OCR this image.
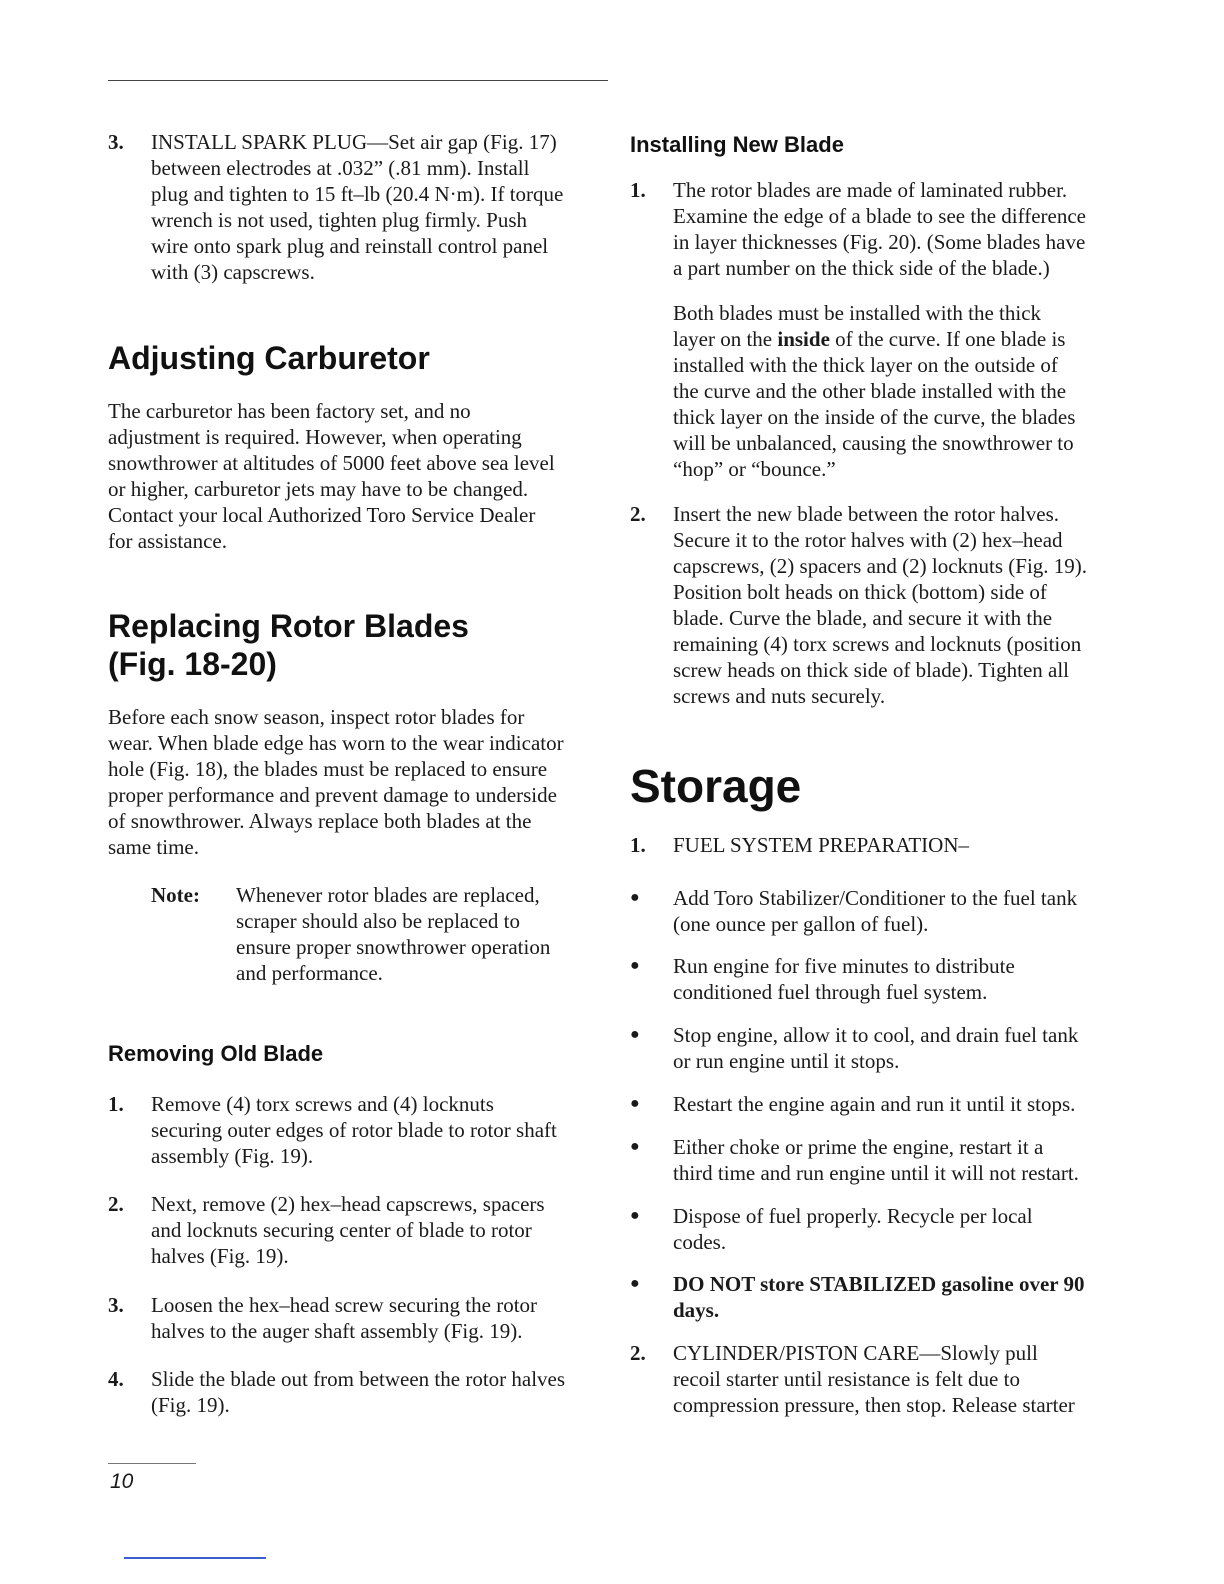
3. INSTALL SPARK PLUG—Set air gap (Fig. 17)
between electrodes at .032” (.81 mm). Install
plug and tighten to 15 ft–lb (20.4 N·m). If torque
wrench is not used, tighten plug firmly. Push
wire onto spark plug and reinstall control panel
with (3) capscrews.
Adjusting Carburetor
The carburetor has been factory set, and no
adjustment is required. However, when operating
snowthrower at altitudes of 5000 feet above sea level
or higher, carburetor jets may have to be changed.
Contact your local Authorized Toro Service Dealer
for assistance.
Replacing Rotor Blades
(Fig. 18-20)
Before each snow season, inspect rotor blades for
wear. When blade edge has worn to the wear indicator
hole (Fig. 18), the blades must be replaced to ensure
proper performance and prevent damage to underside
of snowthrower. Always replace both blades at the
same time.
Note: Whenever rotor blades are replaced,
scraper should also be replaced to
ensure proper snowthrower operation
and performance.
Removing Old Blade
1. Remove (4) torx screws and (4) locknuts
securing outer edges of rotor blade to rotor shaft
assembly (Fig. 19).
2. Next, remove (2) hex–head capscrews, spacers
and locknuts securing center of blade to rotor
halves (Fig. 19).
3. Loosen the hex–head screw securing the rotor
halves to the auger shaft assembly (Fig. 19).
4. Slide the blade out from between the rotor halves
(Fig. 19).
Installing New Blade
1. The rotor blades are made of laminated rubber.
Examine the edge of a blade to see the difference
in layer thicknesses (Fig. 20). (Some blades have
a part number on the thick side of the blade.)
Both blades must be installed with the thick
layer on the inside of the curve. If one blade is
installed with the thick layer on the outside of
the curve and the other blade installed with the
thick layer on the inside of the curve, the blades
will be unbalanced, causing the snowthrower to
“hop” or “bounce.”
2. Insert the new blade between the rotor halves.
Secure it to the rotor halves with (2) hex–head
capscrews, (2) spacers and (2) locknuts (Fig. 19).
Position bolt heads on thick (bottom) side of
blade. Curve the blade, and secure it with the
remaining (4) torx screws and locknuts (position
screw heads on thick side of blade). Tighten all
screws and nuts securely.
Storage
1. FUEL SYSTEM PREPARATION–
● Add Toro Stabilizer/Conditioner to the fuel tank
(one ounce per gallon of fuel).
● Run engine for five minutes to distribute
conditioned fuel through fuel system.
● Stop engine, allow it to cool, and drain fuel tank
or run engine until it stops.
● Restart the engine again and run it until it stops.
● Either choke or prime the engine, restart it a
third time and run engine until it will not restart.
● Dispose of fuel properly. Recycle per local
codes.
● DO NOT store STABILIZED gasoline over 90
days.
2. CYLINDER/PISTON CARE—Slowly pull
recoil starter until resistance is felt due to
compression pressure, then stop. Release starter
10
